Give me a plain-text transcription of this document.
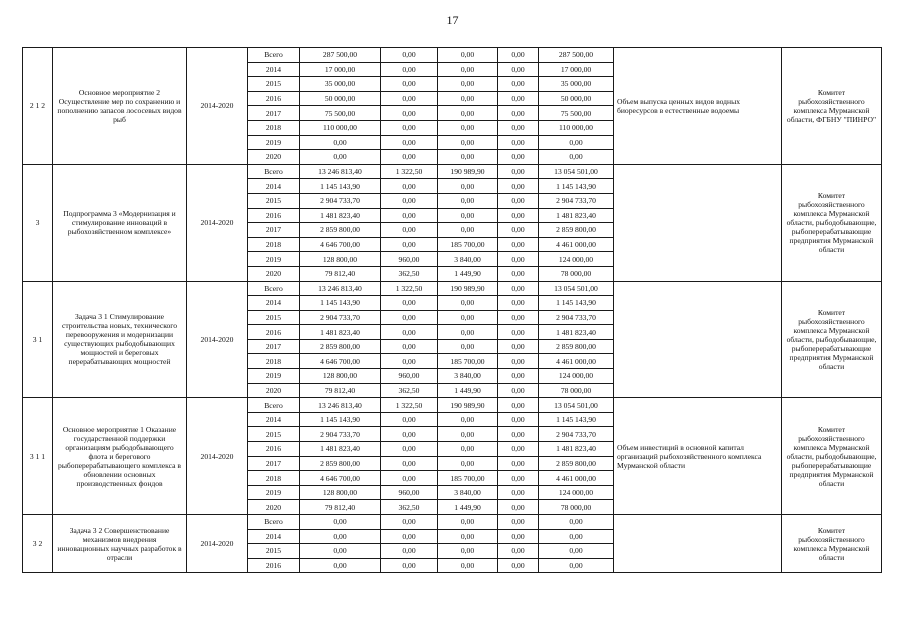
17
2 1 2	Основное мероприятие 2 Осуществление мер по сохранению и пополнению запасов лососевых видов рыб	2014-2020	Всего	287 500,00	0,00	0,00	0,00	287 500,00	Объем выпуска ценных видов водных биоресурсов в естественные водоемы	Комитет рыбохозяйственного комплекса Мурманской области, ФГБНУ "ПИНРО"
			2014	17 000,00	0,00	0,00	0,00	17 000,00		
			2015	35 000,00	0,00	0,00	0,00	35 000,00		
			2016	50 000,00	0,00	0,00	0,00	50 000,00		
			2017	75 500,00	0,00	0,00	0,00	75 500,00		
			2018	110 000,00	0,00	0,00	0,00	110 000,00		
			2019	0,00	0,00	0,00	0,00	0,00		
			2020	0,00	0,00	0,00	0,00	0,00		
3	Подпрограмма 3 «Модернизация и стимулирование инноваций в рыбохозяйственном комплексе»	2014-2020	Всего	13 246 813,40	1 322,50	190 989,90	0,00	13 054 501,00		Комитет рыбохозяйственного комплекса Мурманской области, рыбодобывающие, рыбоперерабатывающие предприятия Мурманской области
			2014	1 145 143,90	0,00	0,00	0,00	1 145 143,90		
			2015	2 904 733,70	0,00	0,00	0,00	2 904 733,70		
			2016	1 481 823,40	0,00	0,00	0,00	1 481 823,40		
			2017	2 859 800,00	0,00	0,00	0,00	2 859 800,00		
			2018	4 646 700,00	0,00	185 700,00	0,00	4 461 000,00		
			2019	128 800,00	960,00	3 840,00	0,00	124 000,00		
			2020	79 812,40	362,50	1 449,90	0,00	78 000,00		
3 1	Задача 3 1 Стимулирование строительства новых, технического перевооружения и модернизации существующих рыбодобывающих мощностей и береговых перерабатывающих мощностей	2014-2020	Всего	13 246 813,40	1 322,50	190 989,90	0,00	13 054 501,00		Комитет рыбохозяйственного комплекса Мурманской области, рыбодобывающие, рыбоперерабатывающие предприятия Мурманской области
			2014	1 145 143,90	0,00	0,00	0,00	1 145 143,90		
			2015	2 904 733,70	0,00	0,00	0,00	2 904 733,70		
			2016	1 481 823,40	0,00	0,00	0,00	1 481 823,40		
			2017	2 859 800,00	0,00	0,00	0,00	2 859 800,00		
			2018	4 646 700,00	0,00	185 700,00	0,00	4 461 000,00		
			2019	128 800,00	960,00	3 840,00	0,00	124 000,00		
			2020	79 812,40	362,50	1 449,90	0,00	78 000,00		
3 1 1	Основное мероприятие 1 Оказание государственной поддержки организациям рыбодобывающего флота и берегового рыбоперерабатывающего комплекса в обновлении основных производственных фондов	2014-2020	Всего	13 246 813,40	1 322,50	190 989,90	0,00	13 054 501,00	Объем инвестиций в основной капитал организаций рыбохозяйственного комплекса Мурманской области	Комитет рыбохозяйственного комплекса Мурманской области, рыбодобывающие, рыбоперерабатывающие предприятия Мурманской области
			2014	1 145 143,90	0,00	0,00	0,00	1 145 143,90		
			2015	2 904 733,70	0,00	0,00	0,00	2 904 733,70		
			2016	1 481 823,40	0,00	0,00	0,00	1 481 823,40		
			2017	2 859 800,00	0,00	0,00	0,00	2 859 800,00		
			2018	4 646 700,00	0,00	185 700,00	0,00	4 461 000,00		
			2019	128 800,00	960,00	3 840,00	0,00	124 000,00		
			2020	79 812,40	362,50	1 449,90	0,00	78 000,00		
3 2	Задача 3 2 Совершенствование механизмов внедрения инновационных научных разработок в отрасли	2014-2020	Всего	0,00	0,00	0,00	0,00	0,00		Комитет рыбохозяйственного комплекса Мурманской области
			2014	0,00	0,00	0,00	0,00	0,00		
			2015	0,00	0,00	0,00	0,00	0,00		
			2016	0,00	0,00	0,00	0,00	0,00		
